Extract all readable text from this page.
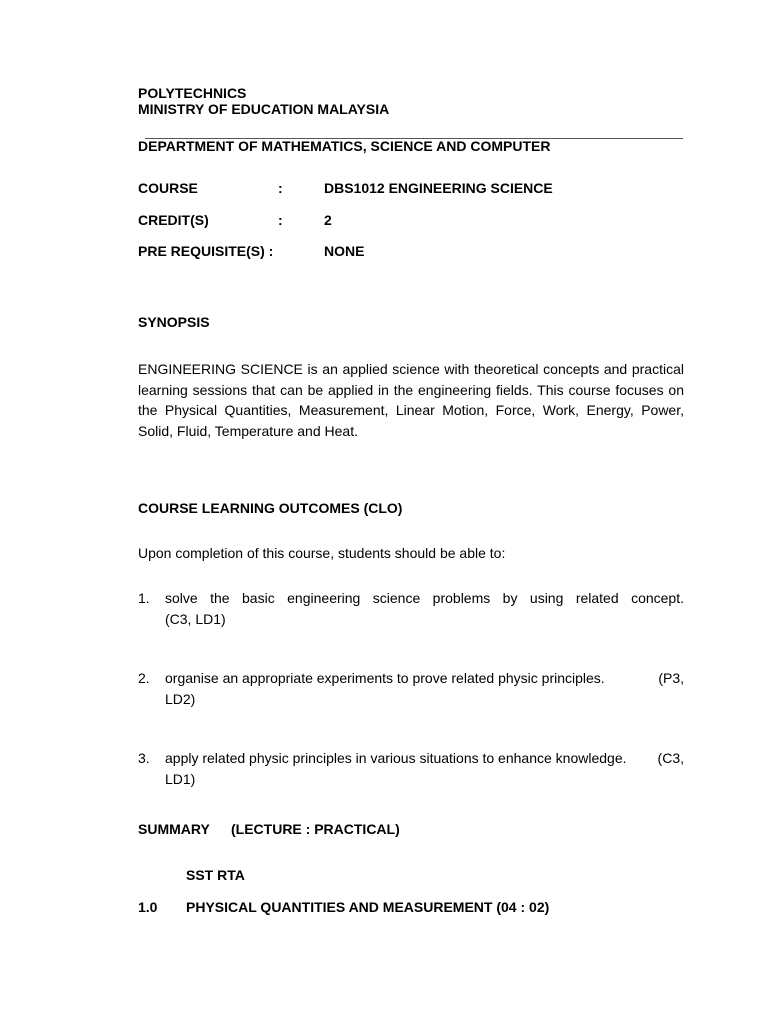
POLYTECHNICS
MINISTRY OF EDUCATION MALAYSIA
DEPARTMENT OF MATHEMATICS, SCIENCE AND COMPUTER
COURSE	:	DBS1012 ENGINEERING SCIENCE
CREDIT(S)	:	2
PRE REQUISITE(S) :	NONE
SYNOPSIS
ENGINEERING SCIENCE is an applied science with theoretical concepts and practical
learning sessions that can be applied in the engineering fields. This course focuses on
the Physical Quantities, Measurement, Linear Motion, Force, Work, Energy, Power,
Solid, Fluid, Temperature and Heat.
COURSE LEARNING OUTCOMES (CLO)
Upon completion of this course, students should be able to:
1. solve the basic engineering science problems by using related concept.
(C3, LD1)
2. organise an appropriate experiments to prove related physic principles.	(P3,
LD2)
3. apply related physic principles in various situations to enhance knowledge. (C3,
LD1)
SUMMARY (LECTURE : PRACTICAL)
SST RTA
1.0 PHYSICAL QUANTITIES AND MEASUREMENT (04 : 02)
